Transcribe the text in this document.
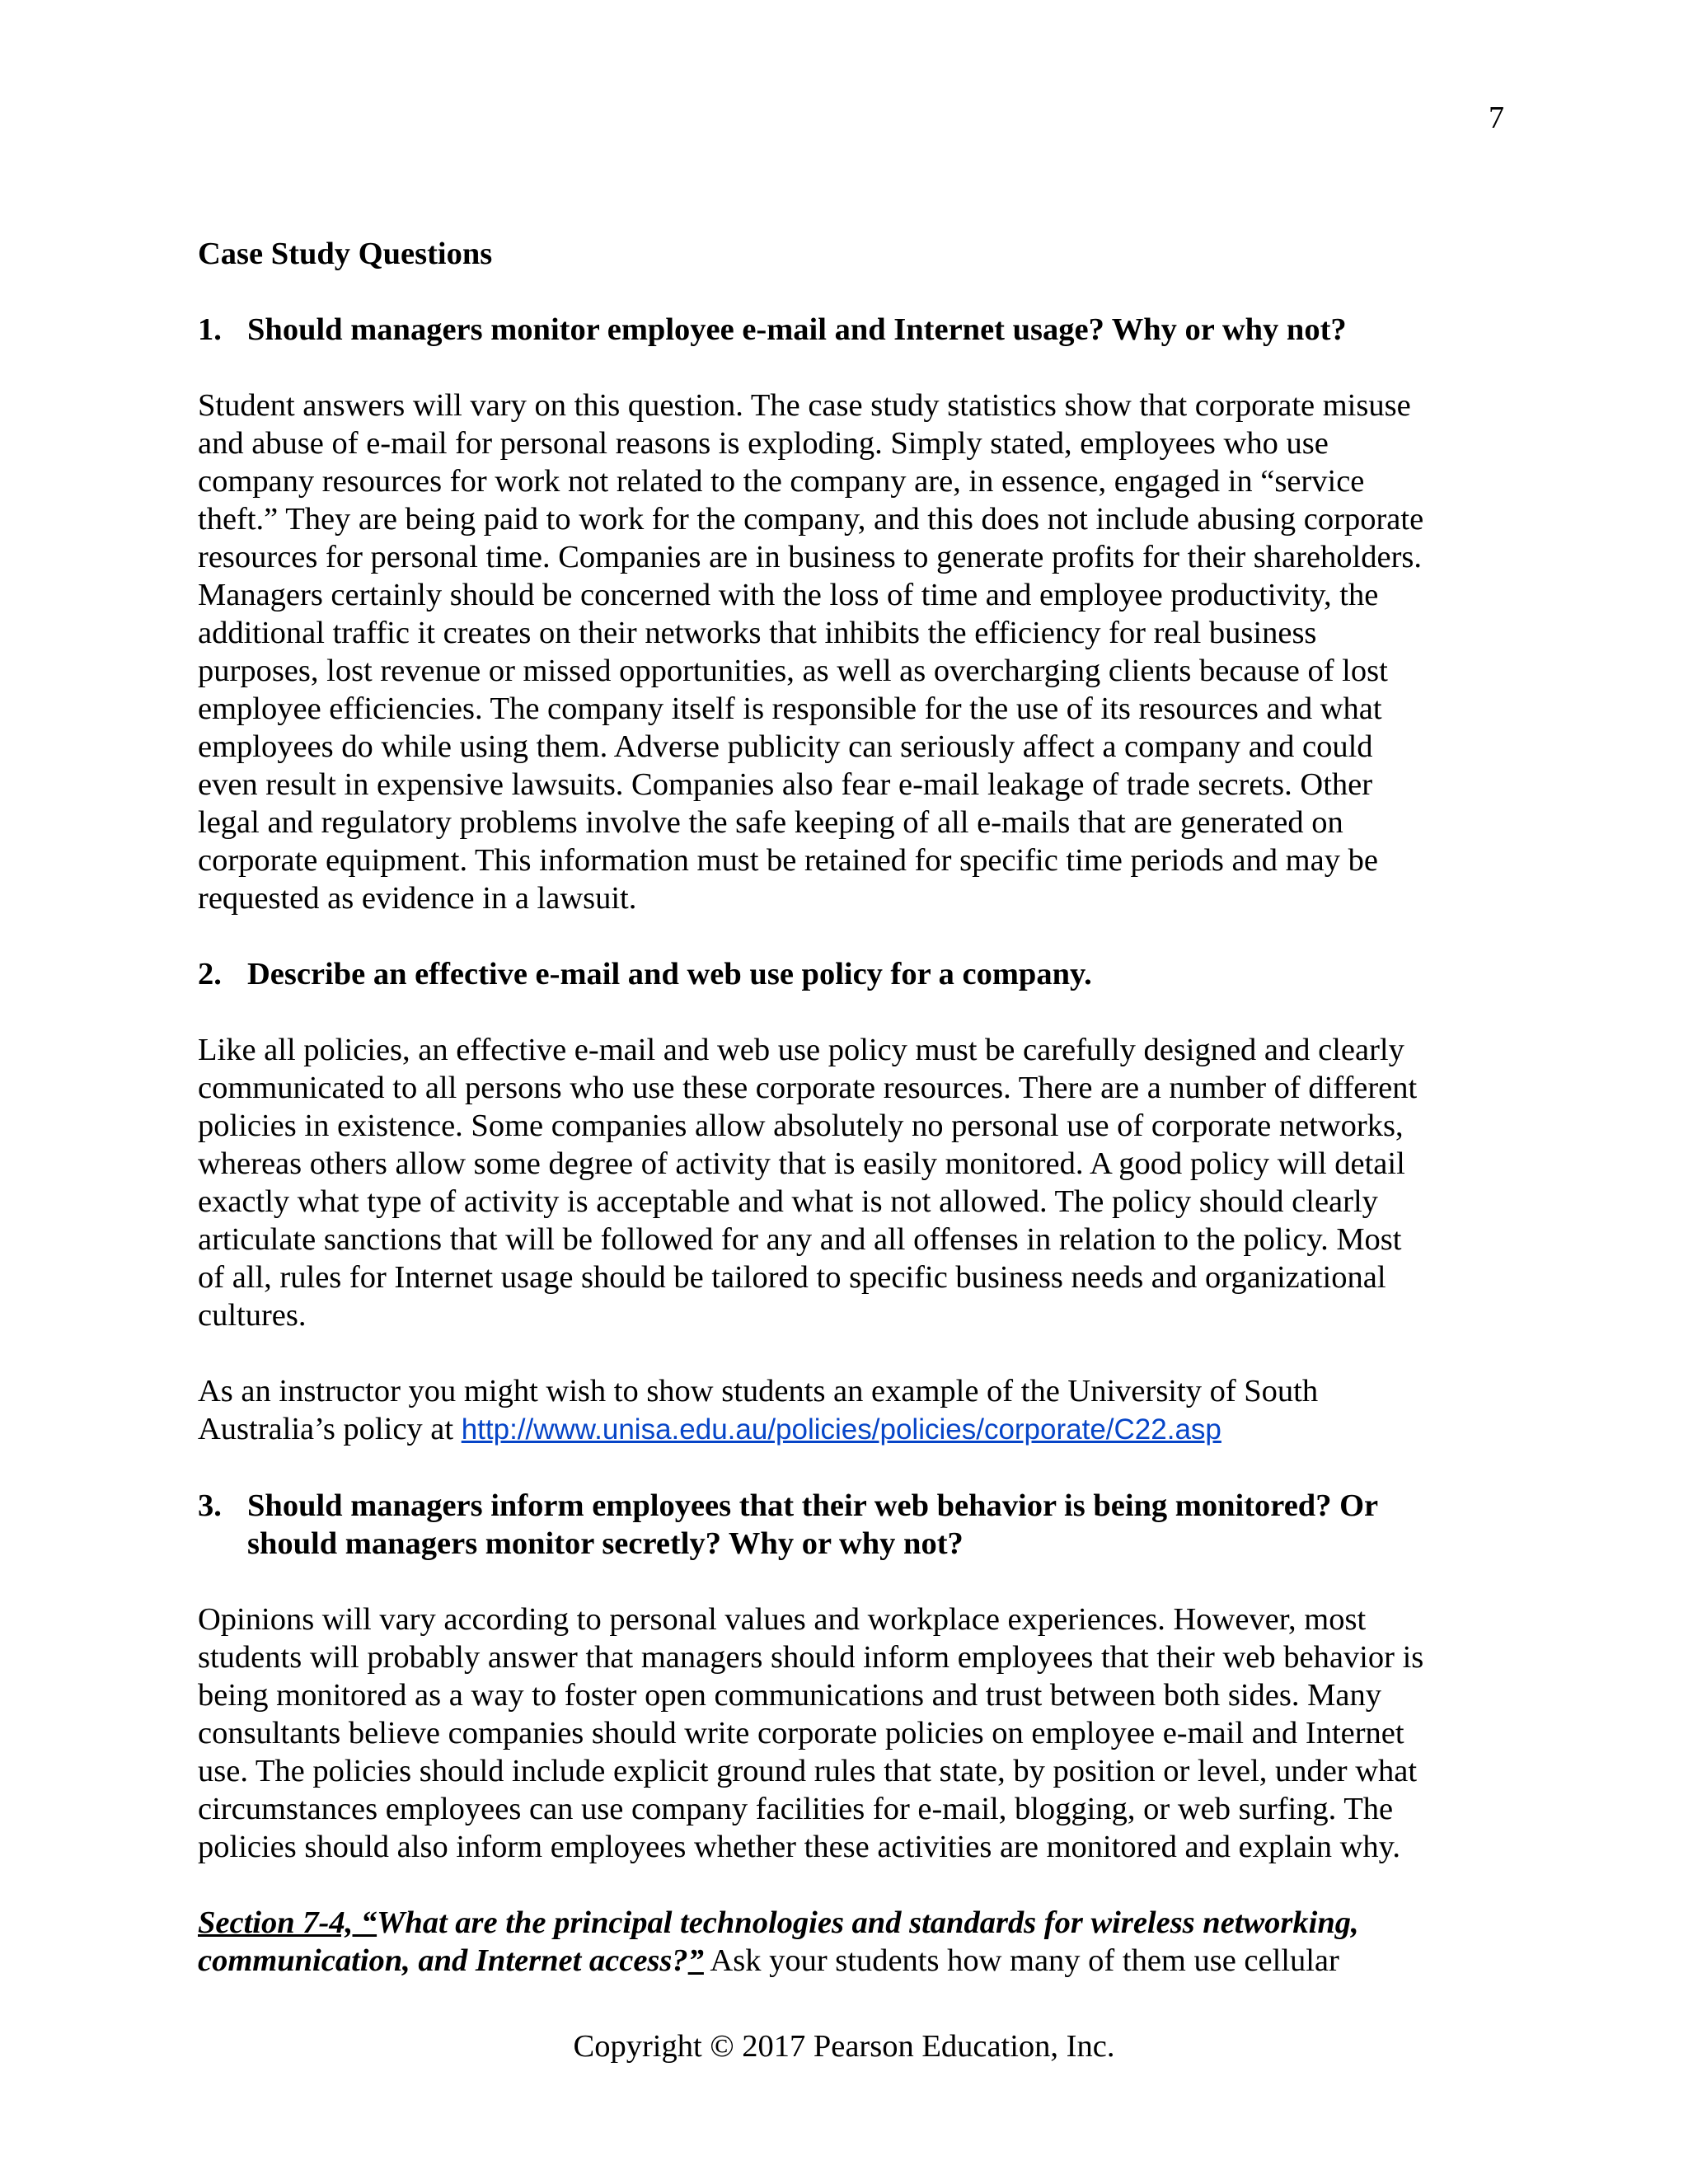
7
Case Study Questions
1. Should managers monitor employee e-mail and Internet usage? Why or why not?
Student answers will vary on this question. The case study statistics show that corporate misuse
and abuse of e-mail for personal reasons is exploding. Simply stated, employees who use
company resources for work not related to the company are, in essence, engaged in “service
theft.” They are being paid to work for the company, and this does not include abusing corporate
resources for personal time. Companies are in business to generate profits for their shareholders.
Managers certainly should be concerned with the loss of time and employee productivity, the
additional traffic it creates on their networks that inhibits the efficiency for real business
purposes, lost revenue or missed opportunities, as well as overcharging clients because of lost
employee efficiencies. The company itself is responsible for the use of its resources and what
employees do while using them. Adverse publicity can seriously affect a company and could
even result in expensive lawsuits. Companies also fear e-mail leakage of trade secrets. Other
legal and regulatory problems involve the safe keeping of all e-mails that are generated on
corporate equipment. This information must be retained for specific time periods and may be
requested as evidence in a lawsuit.
2. Describe an effective e-mail and web use policy for a company.
Like all policies, an effective e-mail and web use policy must be carefully designed and clearly
communicated to all persons who use these corporate resources. There are a number of different
policies in existence. Some companies allow absolutely no personal use of corporate networks,
whereas others allow some degree of activity that is easily monitored. A good policy will detail
exactly what type of activity is acceptable and what is not allowed. The policy should clearly
articulate sanctions that will be followed for any and all offenses in relation to the policy. Most
of all, rules for Internet usage should be tailored to specific business needs and organizational
cultures.
As an instructor you might wish to show students an example of the University of South
Australia’s policy at http://www.unisa.edu.au/policies/policies/corporate/C22.asp
3. Should managers inform employees that their web behavior is being monitored? Or
should managers monitor secretly? Why or why not?
Opinions will vary according to personal values and workplace experiences. However, most
students will probably answer that managers should inform employees that their web behavior is
being monitored as a way to foster open communications and trust between both sides. Many
consultants believe companies should write corporate policies on employee e-mail and Internet
use. The policies should include explicit ground rules that state, by position or level, under what
circumstances employees can use company facilities for e-mail, blogging, or web surfing. The
policies should also inform employees whether these activities are monitored and explain why.
Section 7-4, “What are the principal technologies and standards for wireless networking,
communication, and Internet access?” Ask your students how many of them use cellular
Copyright © 2017 Pearson Education, Inc.
